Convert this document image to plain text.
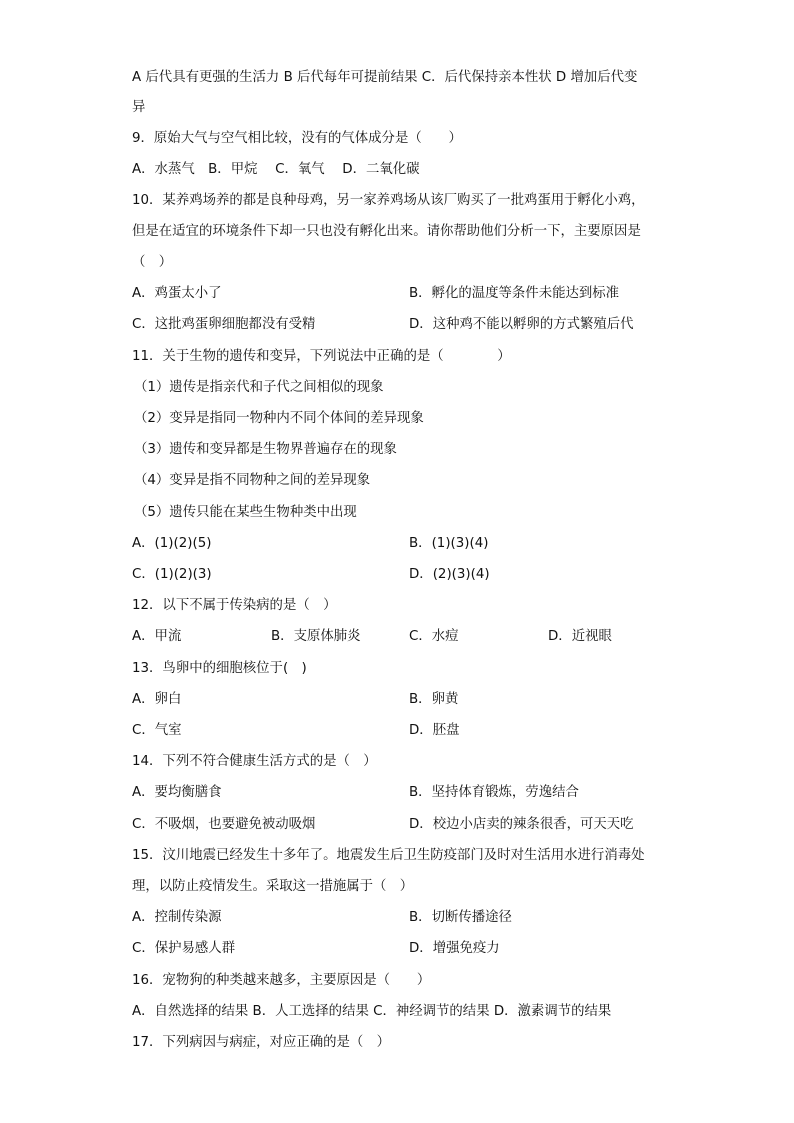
A 后代具有更强的生活力 B 后代每年可提前结果 C．后代保持亲本性状 D 增加后代变
异
9．原始大气与空气相比较，没有的气体成分是（　　）
A．水蒸气　B．甲烷　 C．氧气　 D．二氧化碳
10．某养鸡场养的都是良种母鸡，另一家养鸡场从该厂购买了一批鸡蛋用于孵化小鸡，
但是在适宜的环境条件下却一只也没有孵化出来。请你帮助他们分析一下，主要原因是
（　）
A．鸡蛋太小了	B．孵化的温度等条件未能达到标准
C．这批鸡蛋卵细胞都没有受精	D．这种鸡不能以孵卵的方式繁殖后代
11．关于生物的遗传和变异，下列说法中正确的是（　　　　）
（1）遗传是指亲代和子代之间相似的现象
（2）变异是指同一物种内不同个体间的差异现象
（3）遗传和变异都是生物界普遍存在的现象
（4）变异是指不同物种之间的差异现象
（5）遗传只能在某些生物种类中出现
A．(1)(2)(5)	B．(1)(3)(4)
C．(1)(2)(3)	D．(2)(3)(4)
12．以下不属于传染病的是（　）
A．甲流	B．支原体肺炎	C．水痘	D．近视眼
13．鸟卵中的细胞核位于(　)
A．卵白	B．卵黄
C．气室	D．胚盘
14．下列不符合健康生活方式的是（　）
A．要均衡膳食	B．坚持体育锻炼，劳逸结合
C．不吸烟，也要避免被动吸烟	D．校边小店卖的辣条很香，可天天吃
15．汶川地震已经发生十多年了。地震发生后卫生防疫部门及时对生活用水进行消毒处
理，以防止疫情发生。采取这一措施属于（　）
A．控制传染源	B．切断传播途径
C．保护易感人群	D．增强免疫力
16．宠物狗的种类越来越多，主要原因是（　　）
A．自然选择的结果 B．人工选择的结果 C．神经调节的结果 D．激素调节的结果
17．下列病因与病症，对应正确的是（　）
